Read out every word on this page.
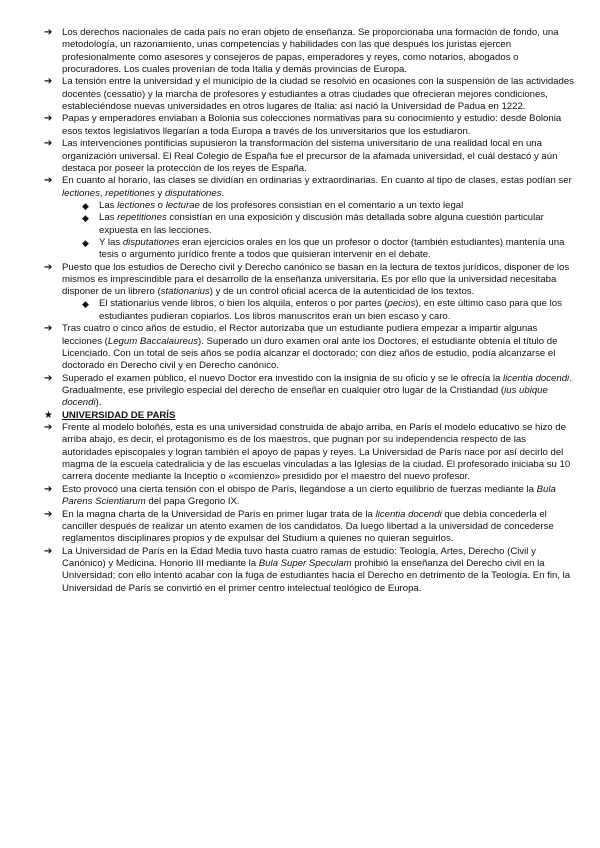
➔	Los derechos nacionales de cada país no eran objeto de enseñanza. Se proporcionaba una formación de fondo, una metodología, un razonamiento, unas competencias y habilidades con las que después los juristas ejercen profesionalmente como asesores y consejeros de papas, emperadores y reyes, como notarios, abogados o procuradores. Los cuales provenían de toda Italia y demás provincias de Europa.
➔	La tensión entre la universidad y el municipio de la ciudad se resolvió en ocasiones con la suspensión de las actividades docentes (cessatio) y la marcha de profesores y estudiantes a otras ciudades que ofrecieran mejores condiciones, estableciéndose nuevas universidades en otros lugares de Italia: así nació la Universidad de Padua en 1222.
➔	Papas y emperadores enviaban a Bolonia sus colecciones normativas para su conocimiento y estudio: desde Bolonia esos textos legislativos llegarían a toda Europa a través de los universitarios que los estudiaron.
➔	Las intervenciones pontificias supusieron la transformación del sistema universitario de una realidad local en una organización universal. El Real Colegio de España fue el precursor de la afamada universidad, el cuál destacó y aún destaca por poseer la protección de los reyes de España.
➔	En cuanto al horario, las clases se dividían en ordinarias y extraordinarias. En cuanto al tipo de clases, estas podían ser lectiones, repetitiones y disputationes.
◆	Las lectiones o lecturae de los profesores consistían en el comentario a un texto legal
◆	Las repetitiones consistían en una exposición y discusión más detallada sobre alguna cuestión particular expuesta en las lecciones.
◆	Y las disputationes eran ejercicios orales en los que un profesor o doctor (también estudiantes) mantenía una tesis o argumento jurídico frente a todos que quisieran intervenir en el debate.
➔	Puesto que los estudios de Derecho civil y Derecho canónico se basan en la lectura de textos jurídicos, disponer de los mismos es imprescindible para el desarrollo de la enseñanza universitaria. Es por ello que la universidad necesitaba disponer de un librero (stationarius) y de un control oficial acerca de la autenticidad de los textos.
◆	El stationarius vende libros, o bien los alquila, enteros o por partes (pecios), en este último caso para que los estudiantes pudieran copiarlos. Los libros manuscritos eran un bien escaso y caro.
➔	Tras cuatro o cinco años de estudio, el Rector autorizaba que un estudiante pudiera empezar a impartir algunas lecciones (Legum Baccalaureus). Superado un duro examen oral ante los Doctores, el estudiante obtenía el título de Licenciado. Con un total de seis años se podía alcanzar el doctorado; con diez años de estudio, podía alcanzarse el doctorado en Derecho civil y en Derecho canónico.
➔	Superado el examen público, el nuevo Doctor era investido con la insignia de su oficio y se le ofrecía la licentia docendi. Gradualmente, ese privilegio especial del derecho de enseñar en cualquier otro lugar de la Cristiandad (ius ubique docendi).
★ UNIVERSIDAD DE PARÍS
➔	Frente al modelo boloñés, esta es una universidad construida de abajo arriba, en París el modelo educativo se hizo de arriba abajo, es decir, el protagonismo es de los maestros, que pugnan por su independencia respecto de las autoridades episcopales y logran también el apoyo de papas y reyes. La Universidad de París nace por así decirlo del magma de la escuela catedralicia y de las escuelas vinculadas a las Iglesias de la ciudad. El profesorado iniciaba su 10 carrera docente mediante la Inceptio o «comienzo» presidido por el maestro del nuevo profesor.
➔	Esto provocó una cierta tensión con el obispo de París, llegándose a un cierto equilibrio de fuerzas mediante la Bula Parens Scientiarum del papa Gregorio IX.
➔	En la magna charta de la Universidad de París en primer lugar trata de la licentia docendi que debía concederla el canciller después de realizar un atento examen de los candidatos. Da luego libertad a la universidad de concederse reglamentos disciplinares propios y de expulsar del Studium a quienes no quieran seguirlos.
➔	La Universidad de París en la Edad Media tuvo hasta cuatro ramas de estudio: Teología, Artes, Derecho (Civil y Canónico) y Medicina. Honorio III mediante la Bula Super Speculam prohibió la enseñanza del Derecho civil en la Universidad; con ello intentó acabar con la fuga de estudiantes hacia el Derecho en detrimento de la Teología. En fin, la Universidad de París se convirtió en el primer centro intelectual teológico de Europa.
